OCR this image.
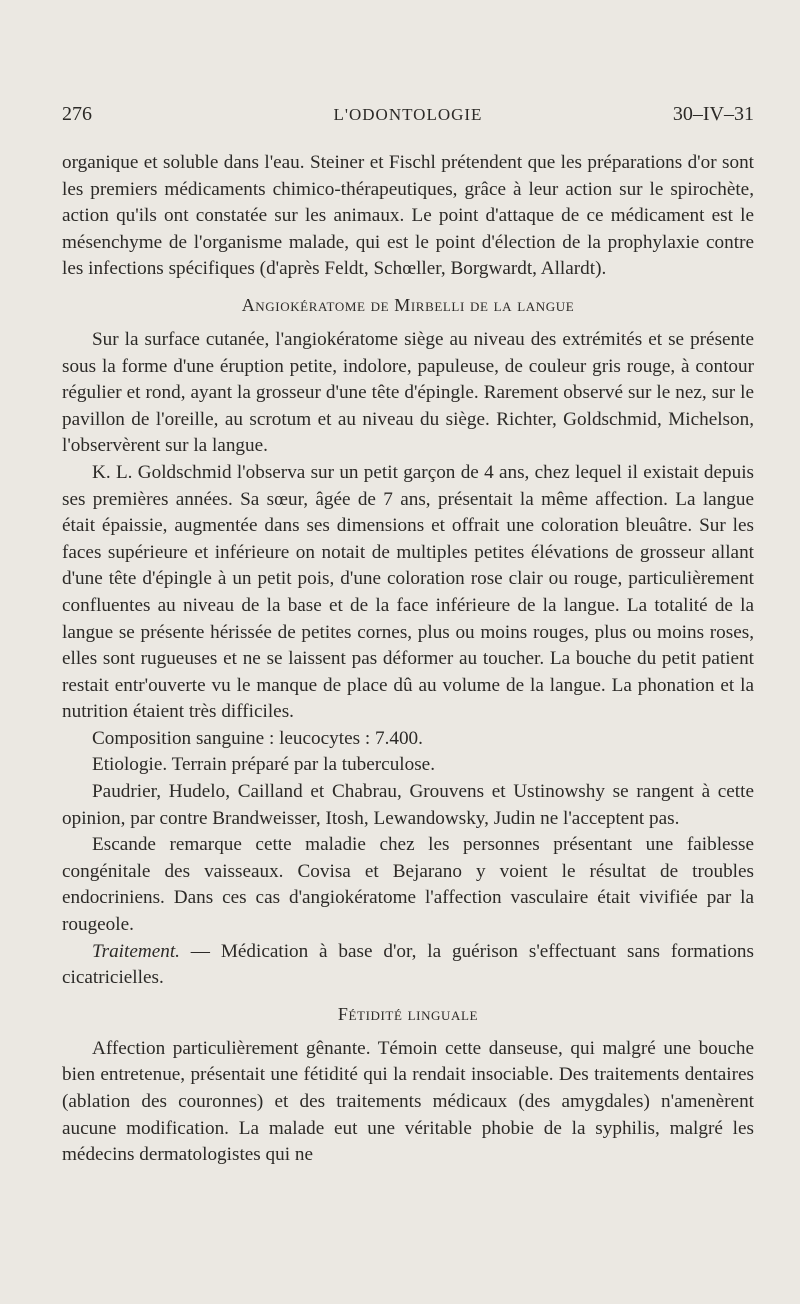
276	L'ODONTOLOGIE	30–IV–31

organique et soluble dans l'eau. Steiner et Fischl prétendent que les préparations d'or sont les premiers médicaments chimico-thérapeutiques, grâce à leur action sur le spirochète, action qu'ils ont constatée sur les animaux. Le point d'attaque de ce médicament est le mésenchyme de l'organisme malade, qui est le point d'élection de la prophylaxie contre les infections spécifiques (d'après Feldt, Schœller, Borgwardt, Allardt).

Angiokératome de Mirbelli de la langue

Sur la surface cutanée, l'angiokératome siège au niveau des extrémités et se présente sous la forme d'une éruption petite, indolore, papuleuse, de couleur gris rouge, à contour régulier et rond, ayant la grosseur d'une tête d'épingle. Rarement observé sur le nez, sur le pavillon de l'oreille, au scrotum et au niveau du siège. Richter, Goldschmid, Michelson, l'observèrent sur la langue.

K. L. Goldschmid l'observa sur un petit garçon de 4 ans, chez lequel il existait depuis ses premières années. Sa sœur, âgée de 7 ans, présentait la même affection. La langue était épaissie, augmentée dans ses dimensions et offrait une coloration bleuâtre. Sur les faces supérieure et inférieure on notait de multiples petites élévations de grosseur allant d'une tête d'épingle à un petit pois, d'une coloration rose clair ou rouge, particulièrement confluentes au niveau de la base et de la face inférieure de la langue. La totalité de la langue se présente hérissée de petites cornes, plus ou moins rouges, plus ou moins roses, elles sont rugueuses et ne se laissent pas déformer au toucher. La bouche du petit patient restait entr'ouverte vu le manque de place dû au volume de la langue. La phonation et la nutrition étaient très difficiles.

Composition sanguine : leucocytes : 7.400.

Etiologie. Terrain préparé par la tuberculose.

Paudrier, Hudelo, Cailland et Chabrau, Grouvens et Ustinowshy se rangent à cette opinion, par contre Brandweisser, Itosh, Lewandowsky, Judin ne l'acceptent pas.

Escande remarque cette maladie chez les personnes présentant une faiblesse congénitale des vaisseaux. Covisa et Bejarano y voient le résultat de troubles endocriniens. Dans ces cas d'angiokératome l'affection vasculaire était vivifiée par la rougeole.

Traitement. — Médication à base d'or, la guérison s'effectuant sans formations cicatricielles.

Fétidité linguale

Affection particulièrement gênante. Témoin cette danseuse, qui malgré une bouche bien entretenue, présentait une fétidité qui la rendait insociable. Des traitements dentaires (ablation des couronnes) et des traitements médicaux (des amygdales) n'amenèrent aucune modification. La malade eut une véritable phobie de la syphilis, malgré les médecins dermatologistes qui ne
